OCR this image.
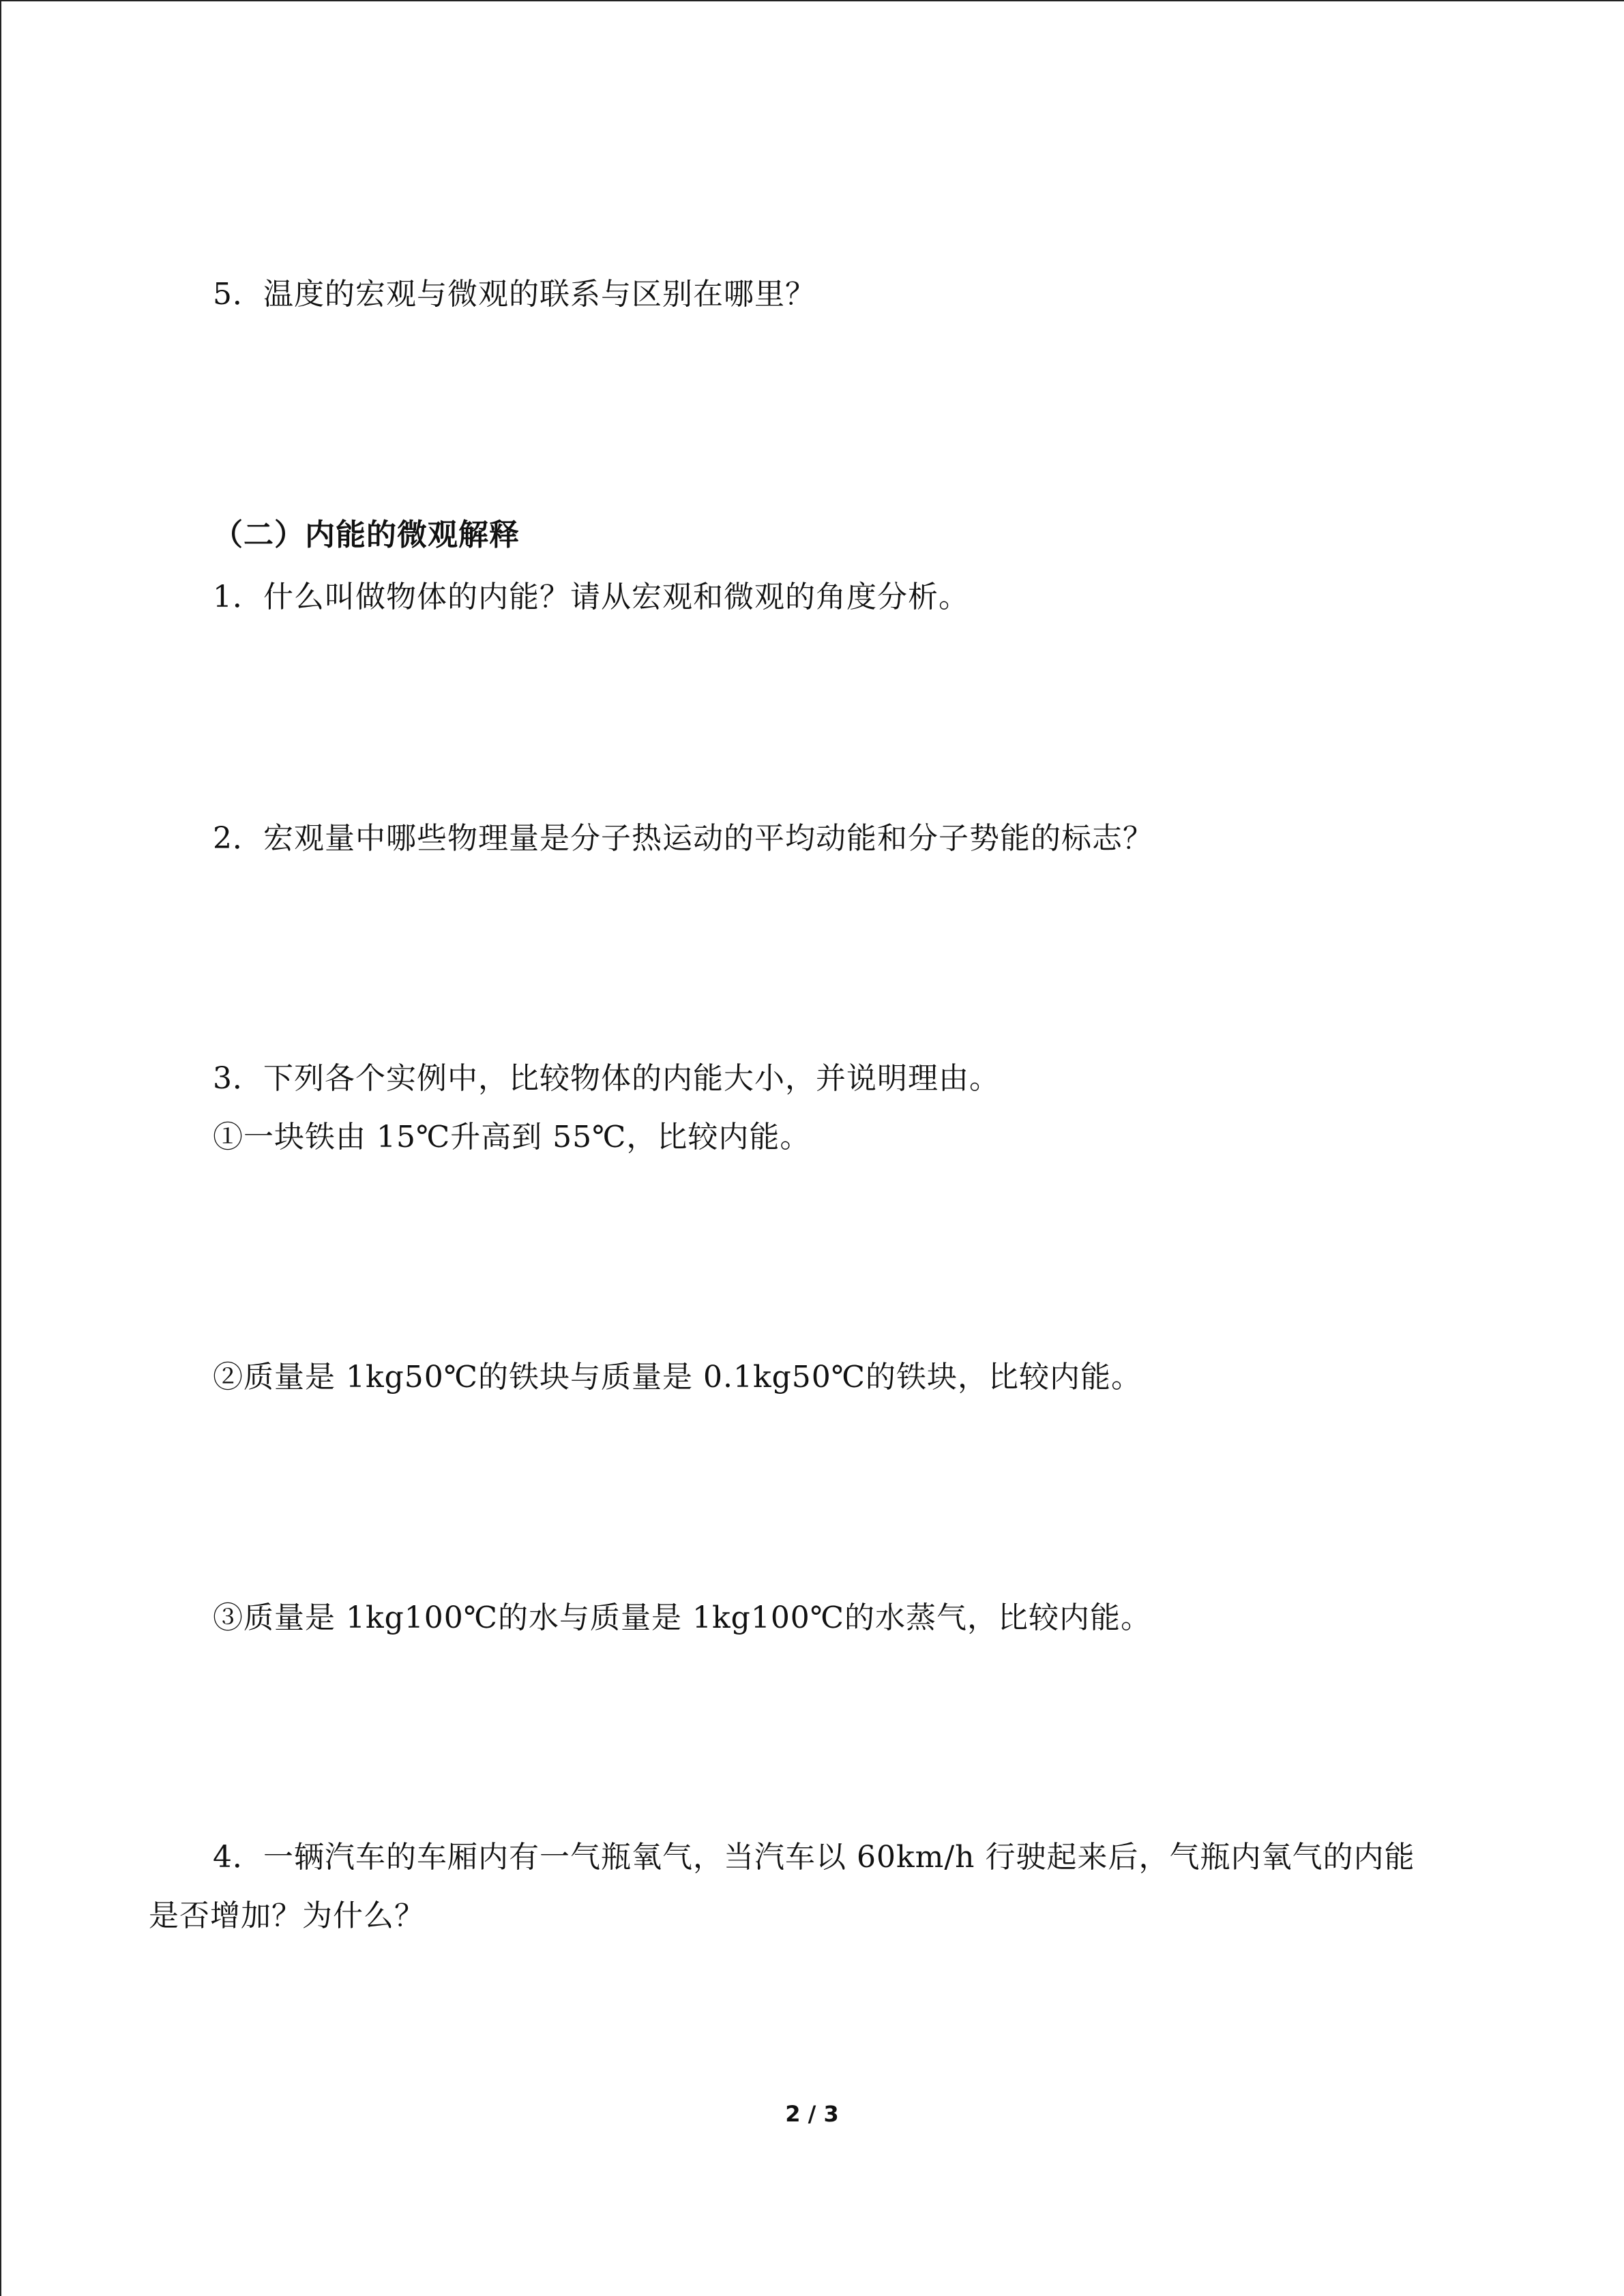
5．温度的宏观与微观的联系与区别在哪里？
（二）内能的微观解释
1．什么叫做物体的内能？请从宏观和微观的角度分析。
2．宏观量中哪些物理量是分子热运动的平均动能和分子势能的标志？
3．下列各个实例中，比较物体的内能大小，并说明理由。
①一块铁由 15℃升高到 55℃，比较内能。
②质量是 1kg50℃的铁块与质量是 0.1kg50℃的铁块，比较内能。
③质量是 1kg100℃的水与质量是 1kg100℃的水蒸气，比较内能。
4．一辆汽车的车厢内有一气瓶氧气，当汽车以 60km/h 行驶起来后，气瓶内氧气的内能
是否增加？为什么？
2 / 3
